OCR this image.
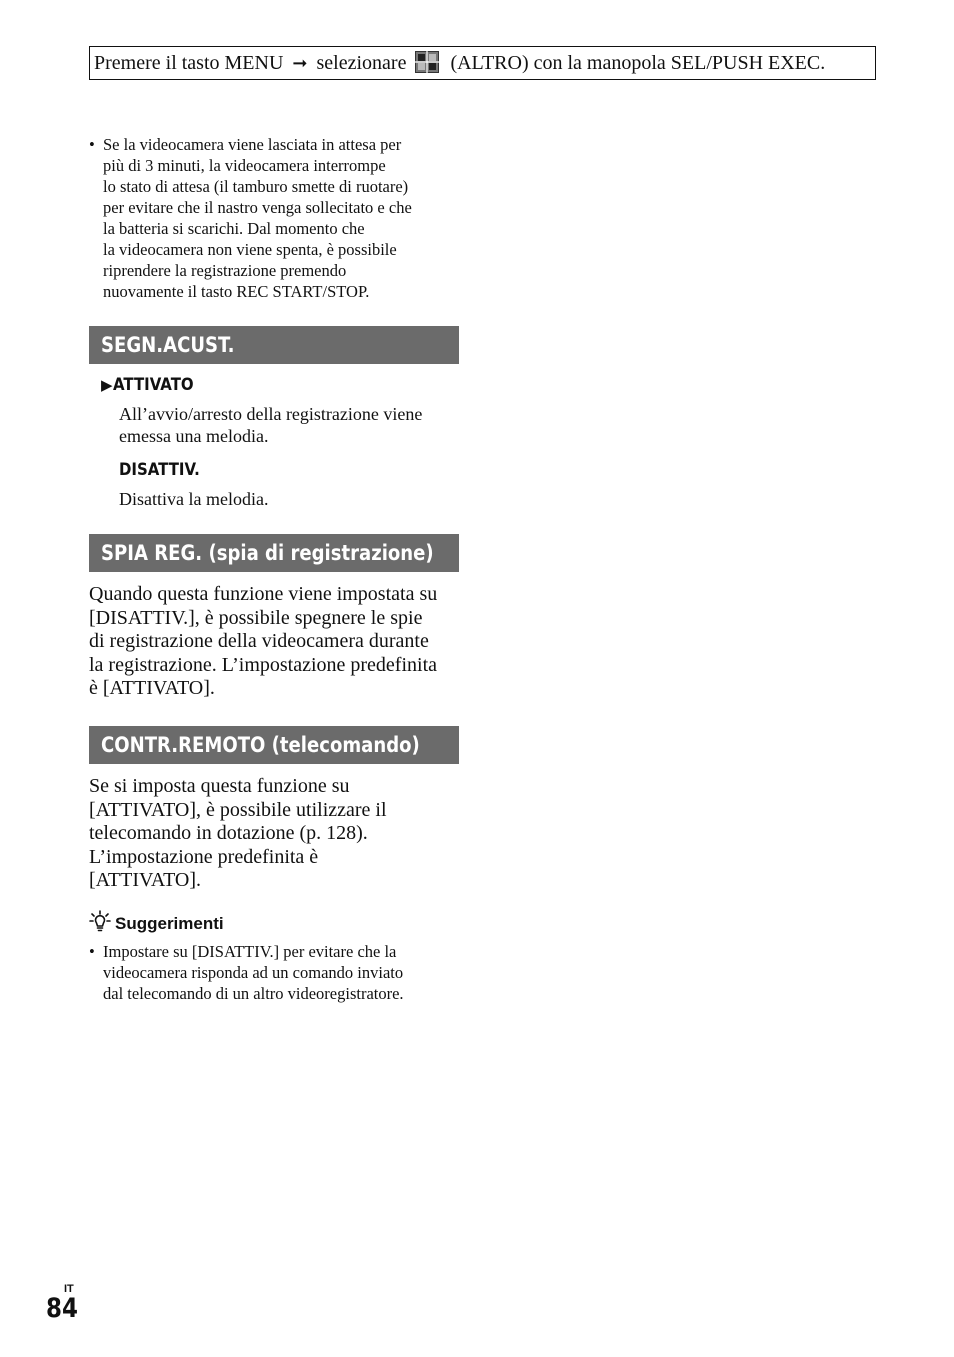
Premere il tasto MENU ➞ selezionare (ALTRO) con la manopola SEL/PUSH EXEC.
• Se la videocamera viene lasciata in attesa per
più di 3 minuti, la videocamera interrompe
lo stato di attesa (il tamburo smette di ruotare)
per evitare che il nastro venga sollecitato e che
la batteria si scarichi. Dal momento che
la videocamera non viene spenta, è possibile
riprendere la registrazione premendo
nuovamente il tasto REC START/STOP.
SEGN.ACUST.
▶ATTIVATO
All’avvio/arresto della registrazione viene
emessa una melodia.
DISATTIV.
Disattiva la melodia.
SPIA REG. (spia di registrazione)
Quando questa funzione viene impostata su
[DISATTIV.], è possibile spegnere le spie
di registrazione della videocamera durante
la registrazione. L’impostazione predefinita
è [ATTIVATO].
CONTR.REMOTO (telecomando)
Se si imposta questa funzione su
[ATTIVATO], è possibile utilizzare il
telecomando in dotazione (p. 128).
L’impostazione predefinita è
[ATTIVATO].
Suggerimenti
• Impostare su [DISATTIV.] per evitare che la
videocamera risponda ad un comando inviato
dal telecomando di un altro videoregistratore.
IT
84
